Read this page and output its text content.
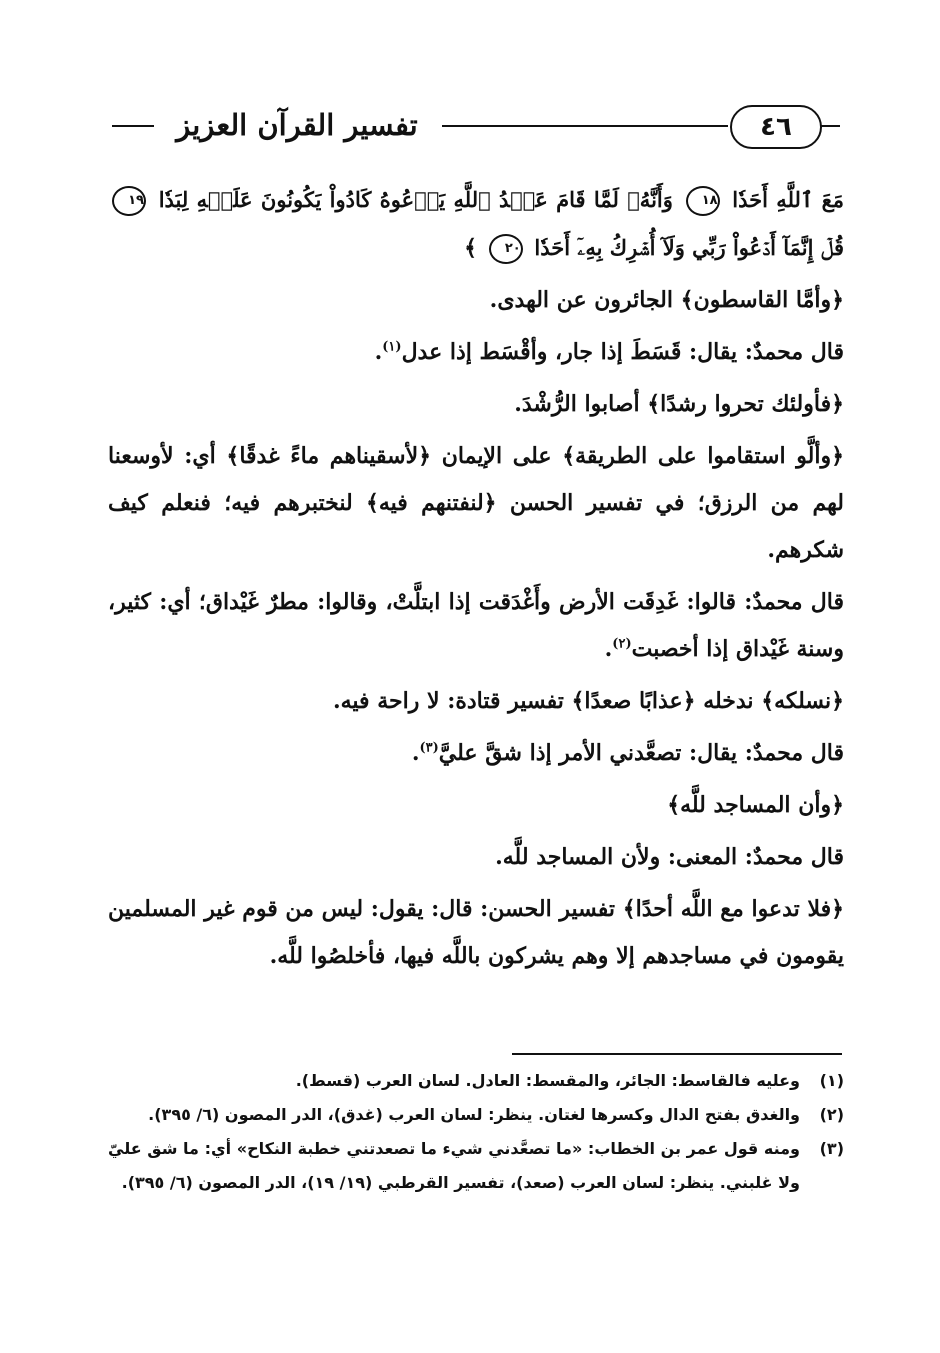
تفسير القرآن العزيز	٤٦

مَعَ ٱللَّهِ أَحَدٗا ١٨ وَأَنَّهُۥ لَمَّا قَامَ عَبۡدُ ٱللَّهِ يَدۡعُوهُ كَادُواْ يَكُونُونَ عَلَيۡهِ لِبَدٗا ١٩ قُلۡ إِنَّمَآ أَدۡعُواْ رَبِّي وَلَآ أُشۡرِكُ بِهِۦٓ أَحَدٗا ٢٠ ﴾

﴿وأمَّا القاسطون﴾ الجائرون عن الهدى.

قال محمدٌ: يقال: قَسَطَ إذا جار، وأقْسَط إذا عدل$^{(١)}$.

﴿فأولئك تحروا رشدًا﴾ أصابوا الرُّشْدَ.

﴿وألَّو استقاموا على الطريقة﴾ على الإيمان ﴿لأسقيناهم ماءً غدقًا﴾ أي: لأوسعنا لهم من الرزق؛ في تفسير الحسن ﴿لنفتنهم فيه﴾ لنختبرهم فيه؛ فنعلم كيف شكرهم.

قال محمدٌ: قالوا: غَدِقَت الأرض وأَغْدَقت إذا ابتلَّتْ، وقالوا: مطرٌ غَيْداق؛ أي: كثير، وسنة غَيْداق إذا أخصبت$^{(٢)}$.

﴿نسلكه﴾ ندخله ﴿عذابًا صعدًا﴾ تفسير قتادة: لا راحة فيه.

قال محمدٌ: يقال: تصعَّدني الأمر إذا شقَّ عليَّ$^{(٣)}$.

﴿وأن المساجد للَّه﴾

قال محمدٌ: المعنى: ولأن المساجد للَّه.

﴿فلا تدعوا مع اللَّه أحدًا﴾ تفسير الحسن: قال: يقول: ليس من قوم غير المسلمين يقومون في مساجدهم إلا وهم يشركون باللَّه فيها، فأخلصُوا للَّه.

(١)وعليه فالقاسط: الجائر، والمقسط: العادل. لسان العرب (قسط).

(٢)والغدق بفتح الدال وكسرها لغتان. ينظر: لسان العرب (غدق)، الدر المصون (٦/ ٣٩٥).

(٣)ومنه قول عمر بن الخطاب: «ما تصعَّدني شيء ما تصعدتني خطبة النكاح» أي: ما شق عليّ ولا غلبني. ينظر: لسان العرب (صعد)، تفسير القرطبي (١٩/ ١٩)، الدر المصون (٦/ ٣٩٥).
